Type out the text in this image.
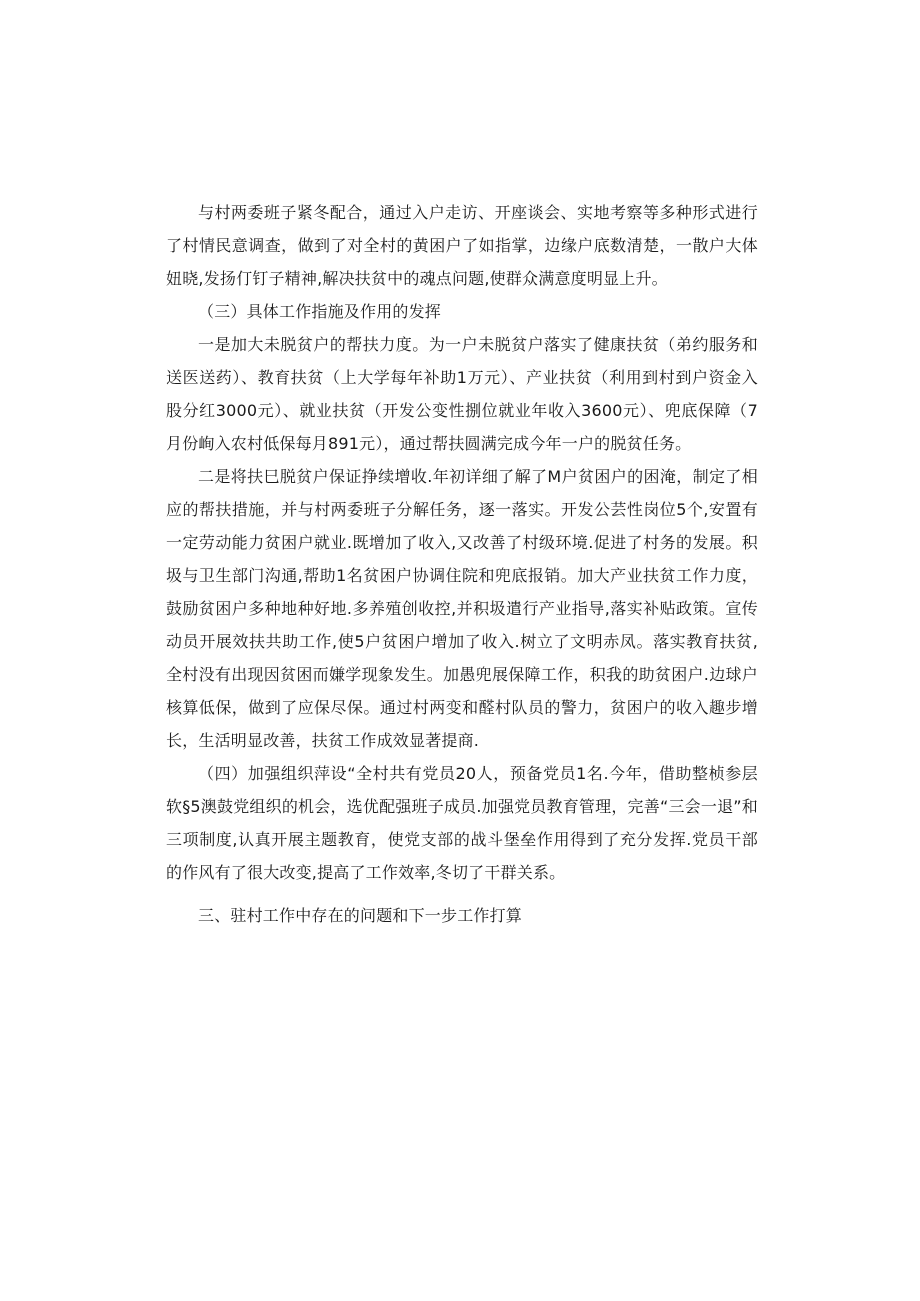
与村两委班子紧冬配合，通过入户走访、开座谈会、实地考察等多种形式进行了村情民意调查，做到了对全村的黄困户了如指掌，边缘户底数清楚，一散户大体妞晓,发扬仃钉子精神,解决扶贫中的魂点问题,使群众满意度明显上升。

（三）具体工作指施及作用的发挥

一是加大未脱贫户的帮扶力度。为一户未脱贫户落实了健康扶贫（弟约服务和送医送药）、教育扶贫（上大学每年补助1万元）、产业扶贫（利用到村到户资金入股分红3000元）、就业扶贫（开发公变性捌位就业年收入3600元）、兜底保障（7月份峋入农村低保每月891元），通过帮扶圆满完成今年一户的脱贫任务。

二是将扶巳脱贫户保证挣续增收.年初详细了解了M户贫困户的困淹，制定了相应的帮扶措施，并与村两委班子分解任务，逐一落实。开发公芸性岗位5个,安置有一定劳动能力贫困户就业.既增加了收入,又改善了村级环境.促进了村务的发展。积圾与卫生部门沟通,帮助1名贫困户协调住院和兜底报销。加大产业扶贫工作力度，鼓励贫困户多种地种好地.多养殖创收控,并积圾遣行产业指导,落实补贴政策。宣传动员开展效扶共助工作,使5户贫困户增加了收入.树立了文明赤凤。落实教育扶贫,全村没有出现因贫困而嫌学现象发生。加愚兜展保障工作，积我的助贫困户.边球户核算低保，做到了应保尽保。通过村两变和醛村队员的警力，贫困户的收入趣步增长，生活明显改善，扶贫工作成效显著提商.

（四）加强组织萍设“全村共有党员20人，预备党员1名.今年，借助整桢参层软§5澳鼓党组织的机会，选优配强班子成员.加强党员教育管理，完善“三会一退”和三项制度,认真开展主题教育，使党支部的战斗堡垒作用得到了充分发挥.党员干部的作风有了很大改变,提高了工作效率,冬切了干群关系。

三、驻村工作中存在的问题和下一步工作打算
